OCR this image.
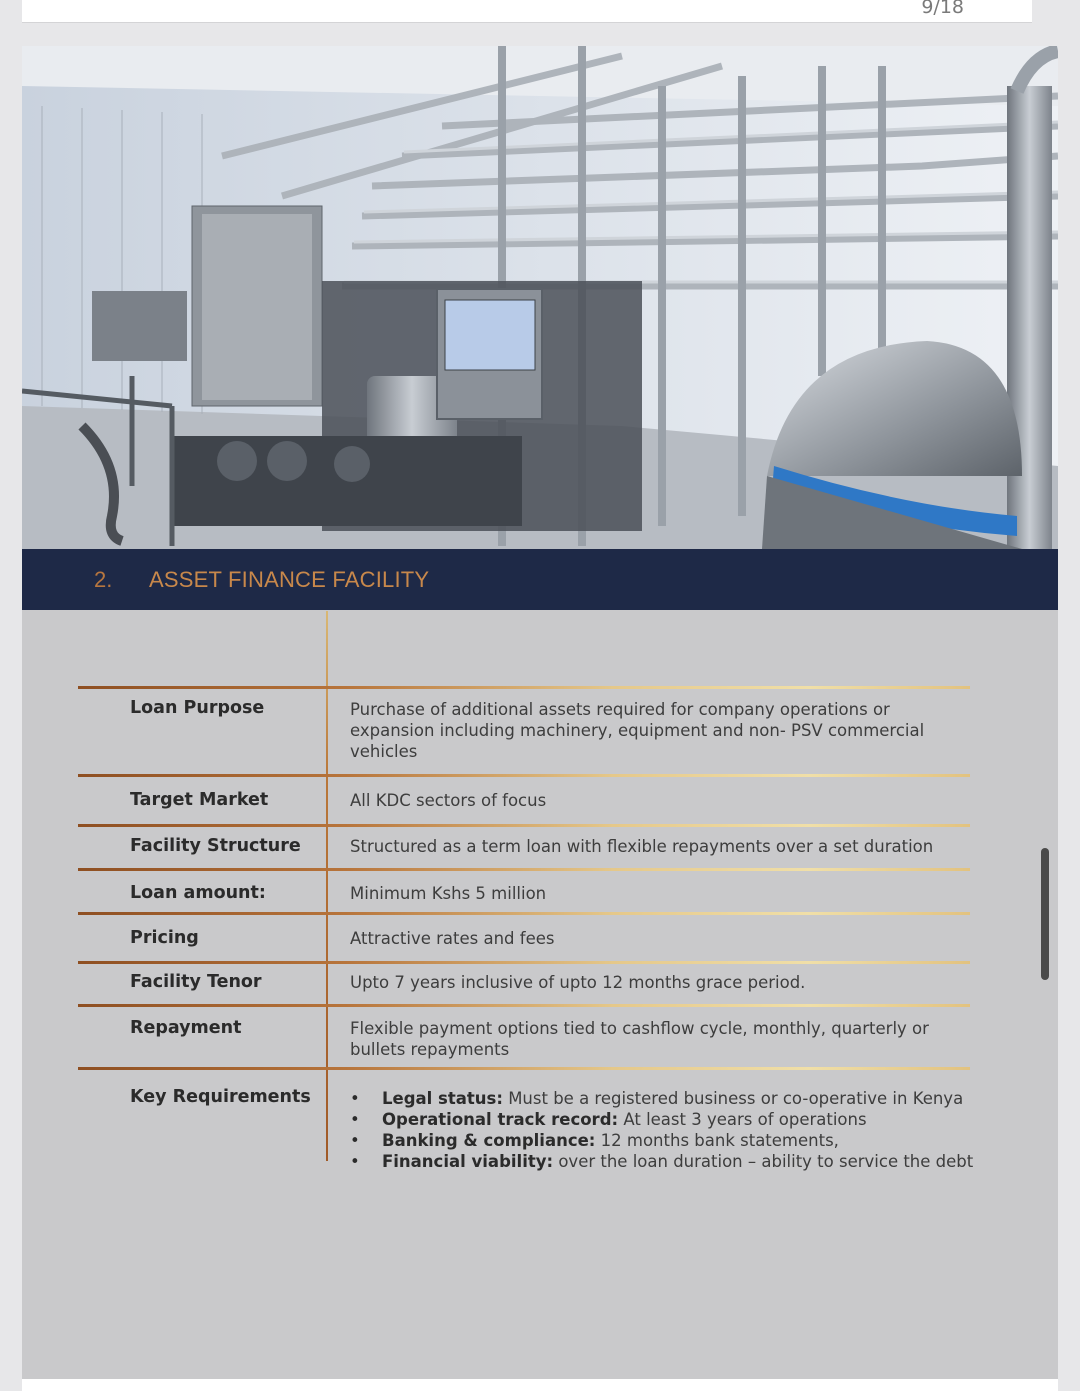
9/18
2. ASSET FINANCE FACILITY
Loan Purpose	Purchase of additional assets required for company operations or expansion including machinery, equipment and non- PSV commercial vehicles
Target Market	All KDC sectors of focus
Facility Structure	Structured as a term loan with flexible repayments over a set duration
Loan amount:	Minimum Kshs 5 million
Pricing	Attractive rates and fees
Facility Tenor	Upto 7 years inclusive of upto 12 months grace period.
Repayment	Flexible payment options tied to cashflow cycle, monthly, quarterly or bullets repayments
Key Requirements • Legal status: Must be a registered business or co-operative in Kenya
• Operational track record: At least 3 years of operations
• Banking & compliance: 12 months bank statements,
• Financial viability: over the loan duration – ability to service the debt
